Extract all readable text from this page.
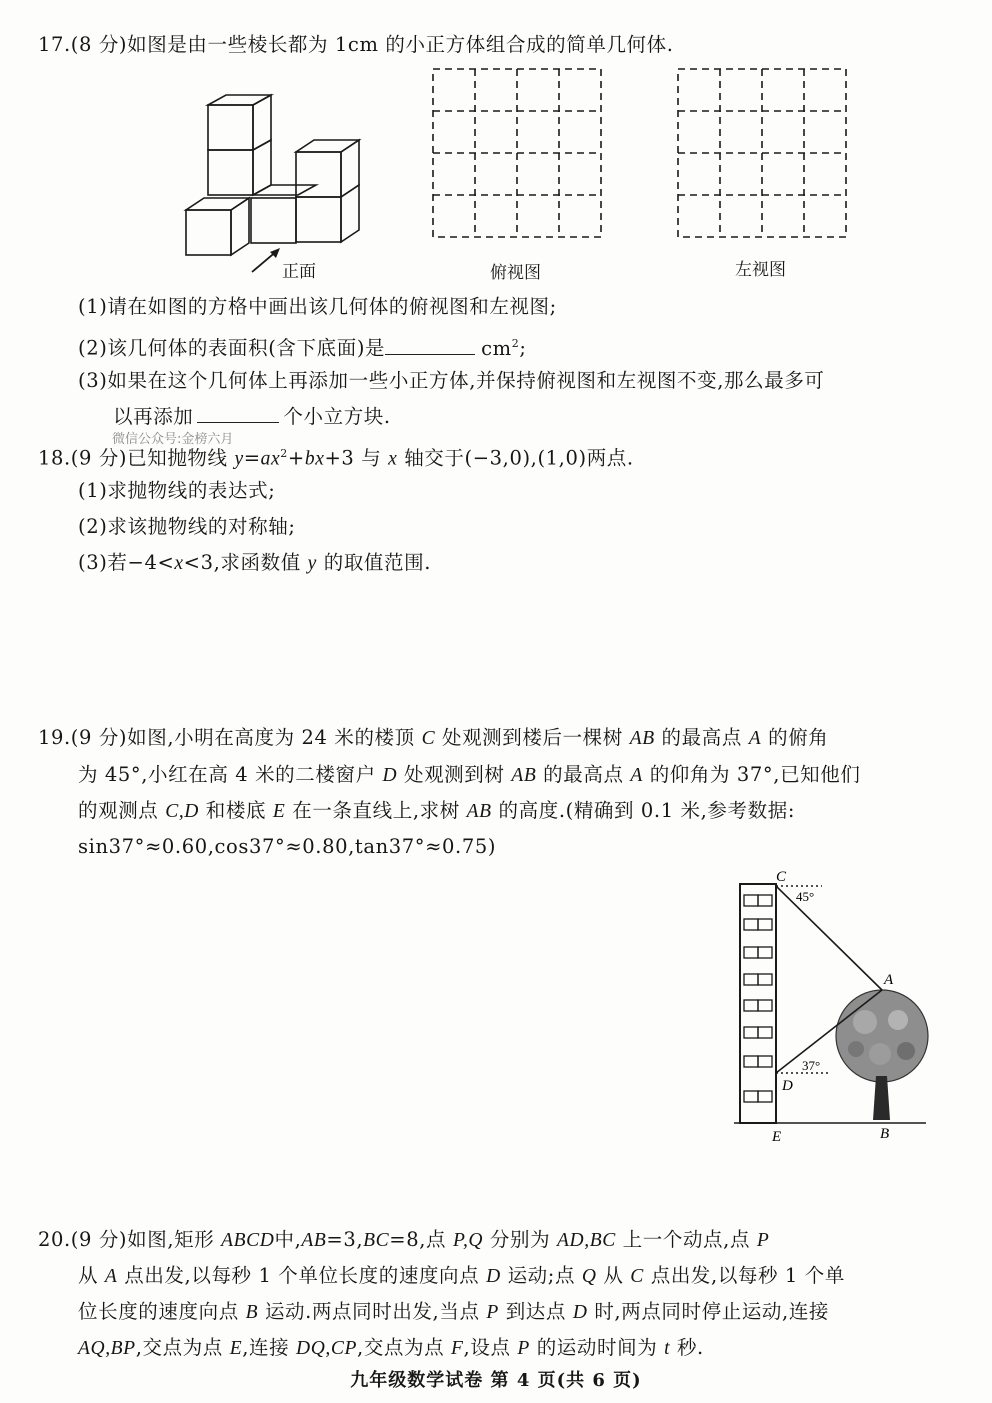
17.(8 分)如图是由一些棱长都为 1cm 的小正方体组合成的简单几何体.
正面	俯视图	左视图
(1)请在如图的方格中画出该几何体的俯视图和左视图;
(2)该几何体的表面积(含下底面)是	$cm^2$;
(3)如果在这个几何体上再添加一些小正方体,并保持俯视图和左视图不变,那么最多可
以再添加	个小立方块.
微信公众号:金榜六月
18.(9 分)已知抛物线 $y=ax^2+bx+3$ 与 x 轴交于(−3,0),(1,0)两点.
(1)求抛物线的表达式;
(2)求该抛物线的对称轴;
(3)若−4<x<3,求函数值 y 的取值范围.
19.(9 分)如图,小明在高度为 24 米的楼顶 C 处观测到楼后一棵树 AB 的最高点 A 的俯角
为 45°,小红在高 4 米的二楼窗户 D 处观测到树 AB 的最高点 A 的仰角为 37°,已知他们
的观测点 C,D 和楼底 E 在一条直线上,求树 AB 的高度.(精确到 0.1 米,参考数据:
sin37°≈0.60,cos37°≈0.80,tan37°≈0.75)
C
45°
A
37°
D
E	B
20.(9 分)如图,矩形 ABCD中,AB=3,BC=8,点 P,Q 分别为 AD,BC 上一个动点,点 P
从 A 点出发,以每秒 1 个单位长度的速度向点 D 运动;点 Q 从 C 点出发,以每秒 1 个单
位长度的速度向点 B 运动.两点同时出发,当点 P 到达点 D 时,两点同时停止运动,连接
AQ,BP,交点为点 E,连接 DQ,CP,交点为点 F,设点 P 的运动时间为 t 秒.
九年级数学试卷 第 4 页(共 6 页)
